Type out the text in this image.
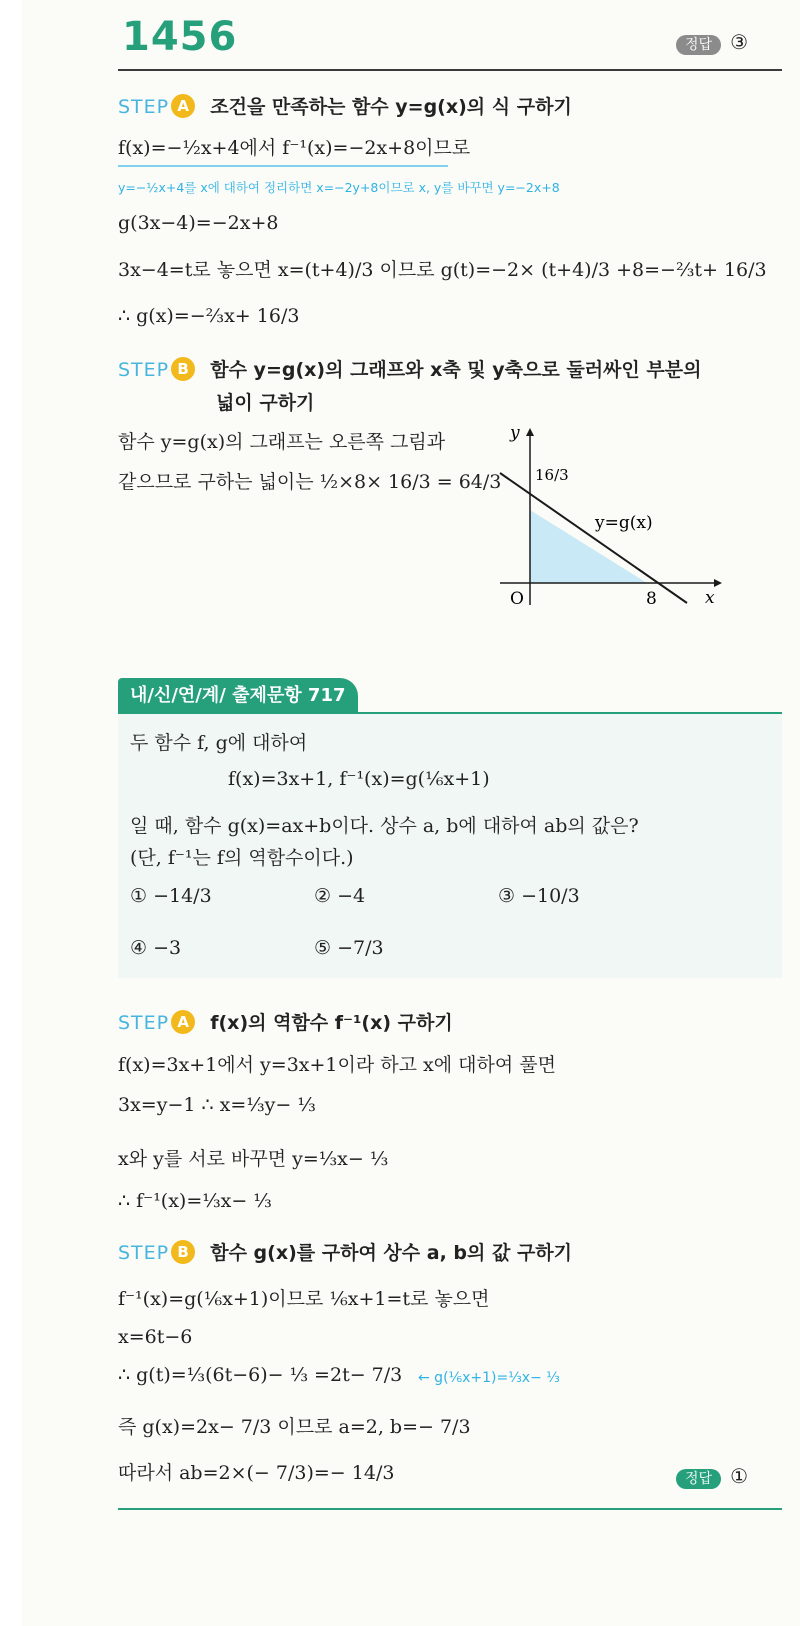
1456	정답 ③
STEP A 조건을 만족하는 함수 y=g(x)의 식 구하기
f(x)=−½x+4에서 f⁻¹(x)=−2x+8이므로
y=−½x+4를 x에 대하여 정리하면 x=−2y+8이므로 x, y를 바꾸면 y=−2x+8
g(3x−4)=−2x+8
3x−4=t로 놓으면 x=(t+4)/3 이므로 g(t)=−2× (t+4)/3 +8=−⅔t+ 16/3
∴ g(x)=−⅔x+ 16/3
STEP B 함수 y=g(x)의 그래프와 x축 및 y축으로 둘러싸인 부분의
넓이 구하기
함수 y=g(x)의 그래프는 오른쪽 그림과
같으므로 구하는 넓이는 ½×8× 16/3 = 64/3
y
x
O	8
16/3
y=g(x)
내/신/연/계/ 출제문항 717
두 함수 f, g에 대하여
f(x)=3x+1, f⁻¹(x)=g(⅙x+1)
일 때, 함수 g(x)=ax+b이다. 상수 a, b에 대하여 ab의 값은?
(단, f⁻¹는 f의 역함수이다.)
① −14/3	② −4	③ −10/3
④ −3	⑤ −7/3
STEP A f(x)의 역함수 f⁻¹(x) 구하기
f(x)=3x+1에서 y=3x+1이라 하고 x에 대하여 풀면
3x=y−1 ∴ x=⅓y− ⅓
x와 y를 서로 바꾸면 y=⅓x− ⅓
∴ f⁻¹(x)=⅓x− ⅓
STEP B 함수 g(x)를 구하여 상수 a, b의 값 구하기
f⁻¹(x)=g(⅙x+1)이므로 ⅙x+1=t로 놓으면
x=6t−6
∴ g(t)=⅓(6t−6)− ⅓ =2t− 7/3 ← g(⅙x+1)=⅓x− ⅓
즉 g(x)=2x− 7/3 이므로 a=2, b=− 7/3
따라서 ab=2×(− 7/3)=− 14/3	정답 ①
